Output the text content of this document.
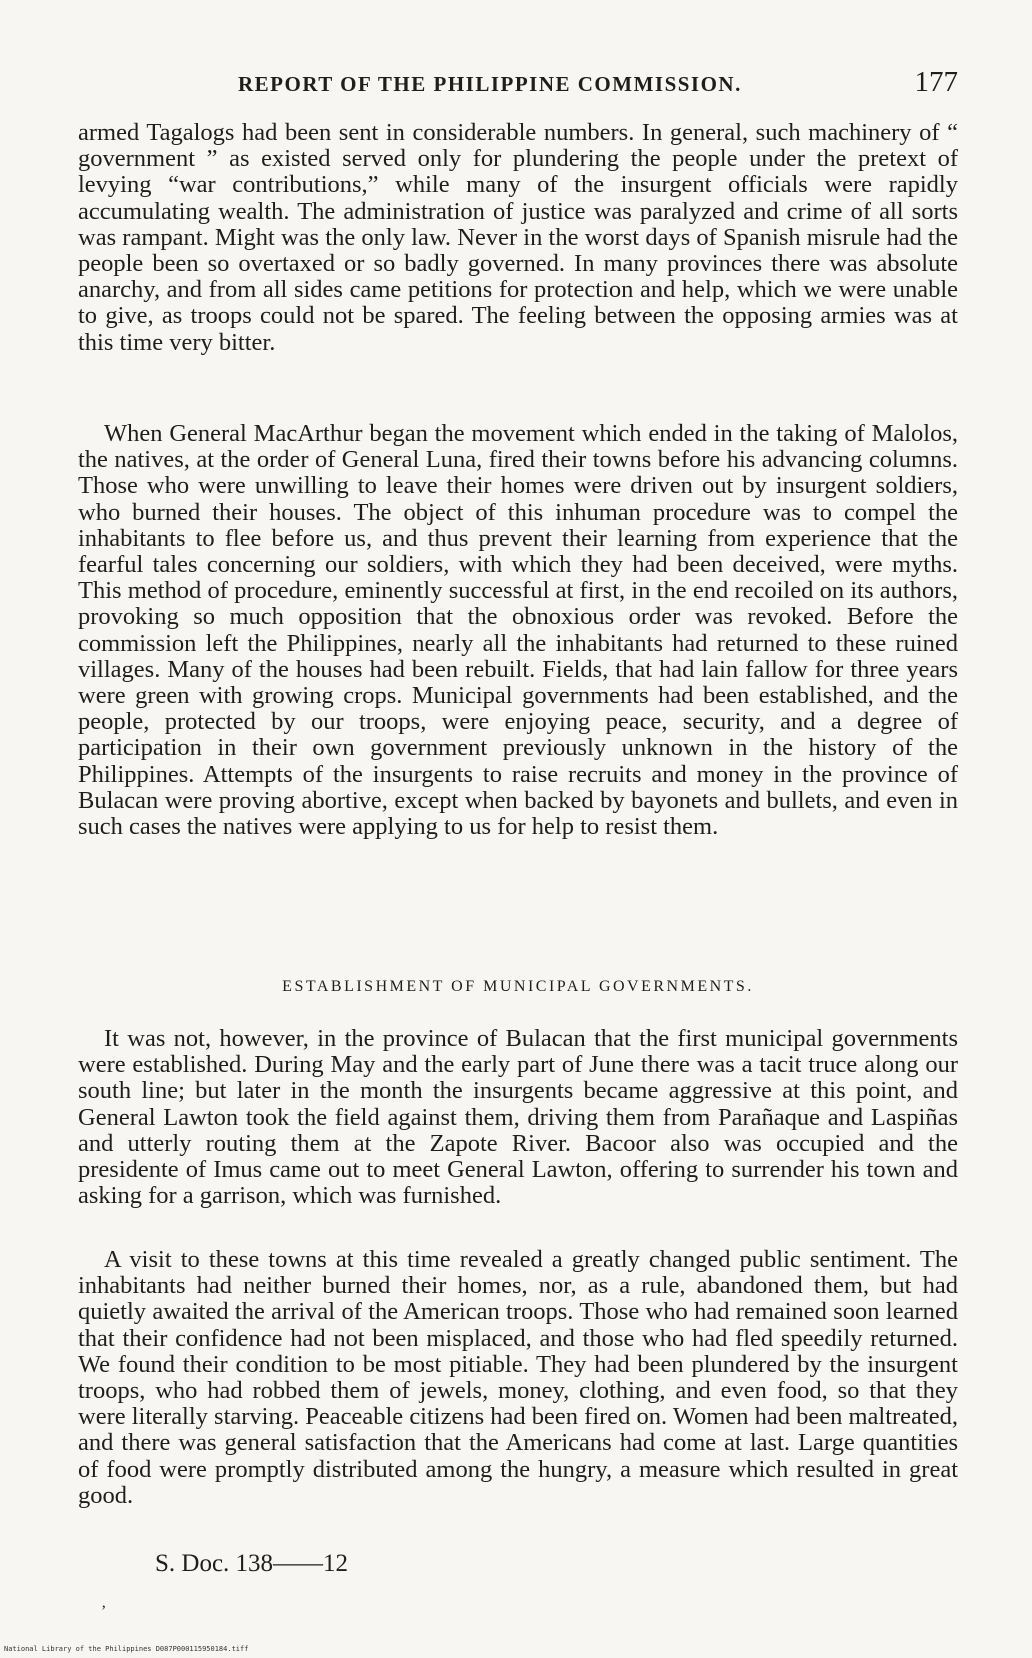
REPORT OF THE PHILIPPINE COMMISSION.	177

armed Tagalogs had been sent in considerable numbers. In general, such machinery of “ government ” as existed served only for plundering the people under the pretext of levying “war contributions,” while many of the insurgent officials were rapidly accumulating wealth. The administration of justice was paralyzed and crime of all sorts was rampant. Might was the only law. Never in the worst days of Spanish misrule had the people been so overtaxed or so badly governed. In many provinces there was absolute anarchy, and from all sides came petitions for protection and help, which we were unable to give, as troops could not be spared. The feeling between the opposing armies was at this time very bitter.

When General MacArthur began the movement which ended in the taking of Malolos, the natives, at the order of General Luna, fired their towns before his advancing columns. Those who were unwilling to leave their homes were driven out by insurgent soldiers, who burned their houses. The object of this inhuman procedure was to compel the inhabitants to flee before us, and thus prevent their learning from experience that the fearful tales concerning our soldiers, with which they had been deceived, were myths. This method of procedure, eminently successful at first, in the end recoiled on its authors, provoking so much opposition that the obnoxious order was revoked. Before the commission left the Philippines, nearly all the inhabitants had returned to these ruined villages. Many of the houses had been rebuilt. Fields, that had lain fallow for three years were green with growing crops. Municipal governments had been established, and the people, protected by our troops, were enjoying peace, security, and a degree of participation in their own government previously unknown in the history of the Philippines. Attempts of the insurgents to raise recruits and money in the province of Bulacan were proving abortive, except when backed by bayonets and bullets, and even in such cases the natives were applying to us for help to resist them.

ESTABLISHMENT OF MUNICIPAL GOVERNMENTS.

It was not, however, in the province of Bulacan that the first municipal governments were established. During May and the early part of June there was a tacit truce along our south line; but later in the month the insurgents became aggressive at this point, and General Lawton took the field against them, driving them from Parañaque and Laspiñas and utterly routing them at the Zapote River. Bacoor also was occupied and the presidente of Imus came out to meet General Lawton, offering to surrender his town and asking for a garrison, which was furnished.

A visit to these towns at this time revealed a greatly changed public sentiment. The inhabitants had neither burned their homes, nor, as a rule, abandoned them, but had quietly awaited the arrival of the American troops. Those who had remained soon learned that their confidence had not been misplaced, and those who had fled speedily returned. We found their condition to be most pitiable. They had been plundered by the insurgent troops, who had robbed them of jewels, money, clothing, and even food, so that they were literally starving. Peaceable citizens had been fired on. Women had been maltreated, and there was general satisfaction that the Americans had come at last. Large quantities of food were promptly distributed among the hungry, a measure which resulted in great good.

S. Doc. 138——12
ʼ
National Library of the Philippines D087P000115950184.tiff
